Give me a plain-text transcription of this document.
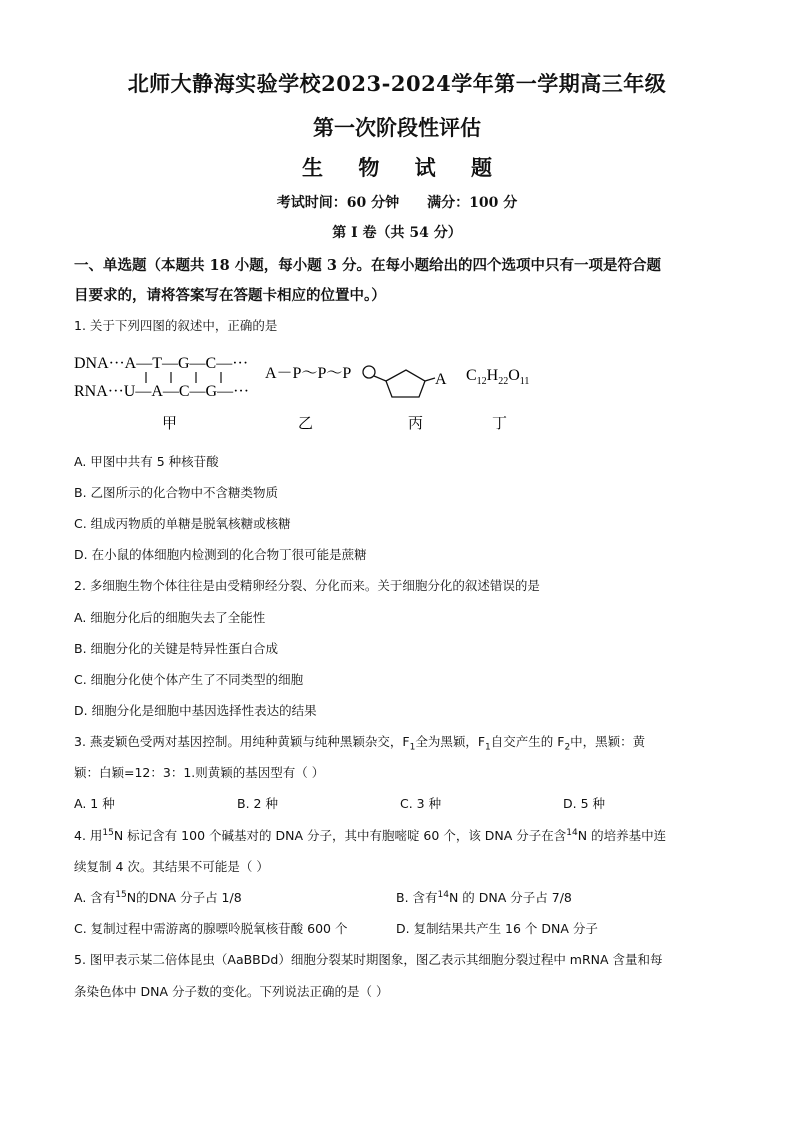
北师大静海实验学校2023-2024学年第一学期高三年级
第一次阶段性评估
生 物 试 题
考试时间：60 分钟 满分：100 分
第 I 卷（共 54 分）
一、单选题（本题共 18 小题，每小题 3 分。在每小题给出的四个选项中只有一项是符合题
目要求的，请将答案写在答题卡相应的位置中。）
1. 关于下列四图的叙述中，正确的是
DNA···A—T—G—C—···
RNA···U—A—C—G—···
甲
A－P～P～P
乙
A
丙
$C_{12}H_{22}O_{11}$
丁
A. 甲图中共有 5 种核苷酸
B. 乙图所示的化合物中不含糖类物质
C. 组成丙物质的单糖是脱氧核糖或核糖
D. 在小鼠的体细胞内检测到的化合物丁很可能是蔗糖
2. 多细胞生物个体往往是由受精卵经分裂、分化而来。关于细胞分化的叙述错误的是
A. 细胞分化后的细胞失去了全能性
B. 细胞分化的关键是特异性蛋白合成
C. 细胞分化使个体产生了不同类型的细胞
D. 细胞分化是细胞中基因选择性表达的结果
3. 燕麦颖色受两对基因控制。用纯种黄颖与纯种黑颖杂交，$F_1$全为黑颖，$F_1$自交产生的 $F_2$中，黑颖：黄
颖：白颖=12：3：1.则黄颖的基因型有（ ）
A. 1 种	B. 2 种	C. 3 种	D. 5 种
4. 用$^{15}$N 标记含有 100 个碱基对的 DNA 分子，其中有胞嘧啶 60 个，该 DNA 分子在含$^{14}$N 的培养基中连
续复制 4 次。其结果不可能是（ ）
A. 含有15N的DNA 分子占 1/8	B. 含有14N 的 DNA 分子占 7/8
C. 复制过程中需游离的腺嘌呤脱氧核苷酸 600 个	D. 复制结果共产生 16 个 DNA 分子
5. 图甲表示某二倍体昆虫（AaBBDd）细胞分裂某时期图象，图乙表示其细胞分裂过程中 mRNA 含量和每
条染色体中 DNA 分子数的变化。下列说法正确的是（ ）
